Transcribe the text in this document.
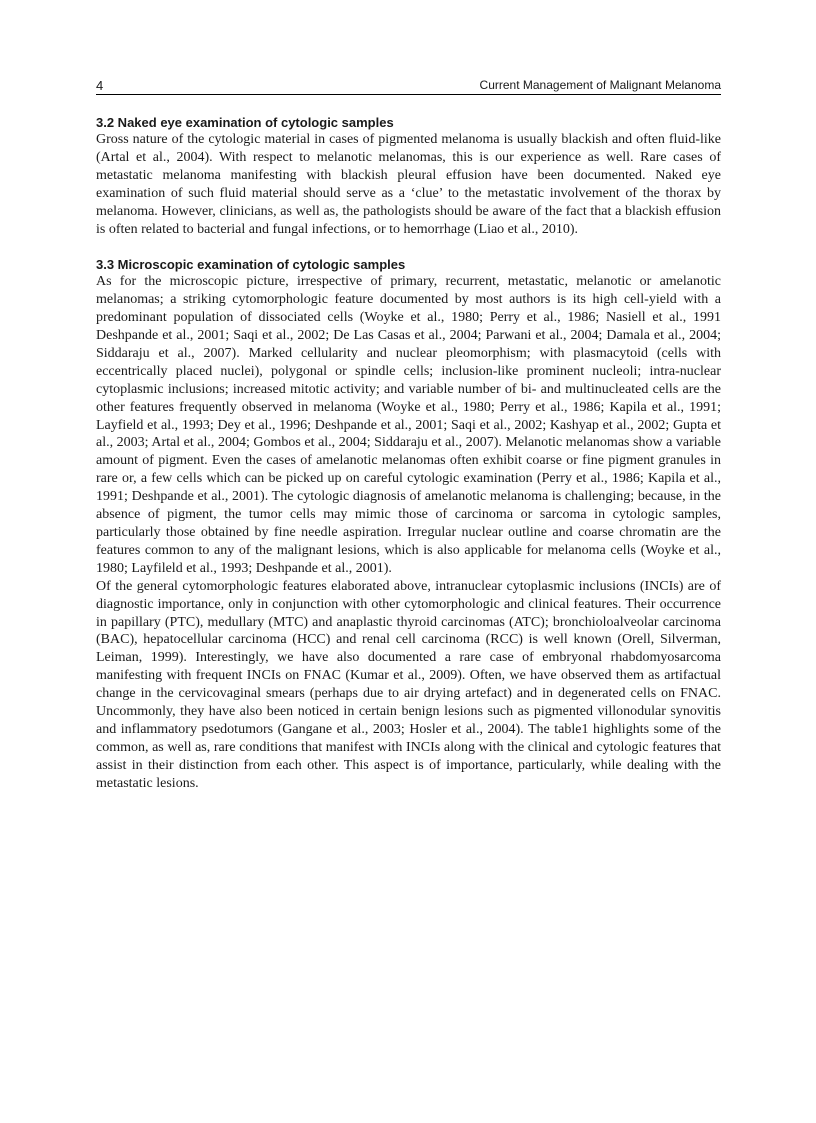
4	Current Management of Malignant Melanoma
3.2 Naked eye examination of cytologic samples

Gross nature of the cytologic material in cases of pigmented melanoma is usually blackish and often fluid-like (Artal et al., 2004). With respect to melanotic melanomas, this is our experience as well. Rare cases of metastatic melanoma manifesting with blackish pleural effusion have been documented. Naked eye examination of such fluid material should serve as a ‘clue’ to the metastatic involvement of the thorax by melanoma. However, clinicians, as well as, the pathologists should be aware of the fact that a blackish effusion is often related to bacterial and fungal infections, or to hemorrhage (Liao et al., 2010).

3.3 Microscopic examination of cytologic samples

As for the microscopic picture, irrespective of primary, recurrent, metastatic, melanotic or amelanotic melanomas; a striking cytomorphologic feature documented by most authors is its high cell-yield with a predominant population of dissociated cells (Woyke et al., 1980; Perry et al., 1986; Nasiell et al., 1991 Deshpande et al., 2001; Saqi et al., 2002; De Las Casas et al., 2004; Parwani et al., 2004; Damala et al., 2004; Siddaraju et al., 2007). Marked cellularity and nuclear pleomorphism; with plasmacytoid (cells with eccentrically placed nuclei), polygonal or spindle cells; inclusion-like prominent nucleoli; intra-nuclear cytoplasmic inclusions; increased mitotic activity; and variable number of bi- and multinucleated cells are the other features frequently observed in melanoma (Woyke et al., 1980; Perry et al., 1986; Kapila et al., 1991; Layfield et al., 1993; Dey et al., 1996; Deshpande et al., 2001; Saqi et al., 2002; Kashyap et al., 2002; Gupta et al., 2003; Artal et al., 2004; Gombos et al., 2004; Siddaraju et al., 2007). Melanotic melanomas show a variable amount of pigment. Even the cases of amelanotic melanomas often exhibit coarse or fine pigment granules in rare or, a few cells which can be picked up on careful cytologic examination (Perry et al., 1986; Kapila et al., 1991; Deshpande et al., 2001). The cytologic diagnosis of amelanotic melanoma is challenging; because, in the absence of pigment, the tumor cells may mimic those of carcinoma or sarcoma in cytologic samples, particularly those obtained by fine needle aspiration. Irregular nuclear outline and coarse chromatin are the features common to any of the malignant lesions, which is also applicable for melanoma cells (Woyke et al., 1980; Layfileld et al., 1993; Deshpande et al., 2001).

Of the general cytomorphologic features elaborated above, intranuclear cytoplasmic inclusions (INCIs) are of diagnostic importance, only in conjunction with other cytomorphologic and clinical features. Their occurrence in papillary (PTC), medullary (MTC) and anaplastic thyroid carcinomas (ATC); bronchioloalveolar carcinoma (BAC), hepatocellular carcinoma (HCC) and renal cell carcinoma (RCC) is well known (Orell, Silverman, Leiman, 1999). Interestingly, we have also documented a rare case of embryonal rhabdomyosarcoma manifesting with frequent INCIs on FNAC (Kumar et al., 2009). Often, we have observed them as artifactual change in the cervicovaginal smears (perhaps due to air drying artefact) and in degenerated cells on FNAC. Uncommonly, they have also been noticed in certain benign lesions such as pigmented villonodular synovitis and inflammatory psedotumors (Gangane et al., 2003; Hosler et al., 2004). The table1 highlights some of the common, as well as, rare conditions that manifest with INCIs along with the clinical and cytologic features that assist in their distinction from each other. This aspect is of importance, particularly, while dealing with the metastatic lesions.
